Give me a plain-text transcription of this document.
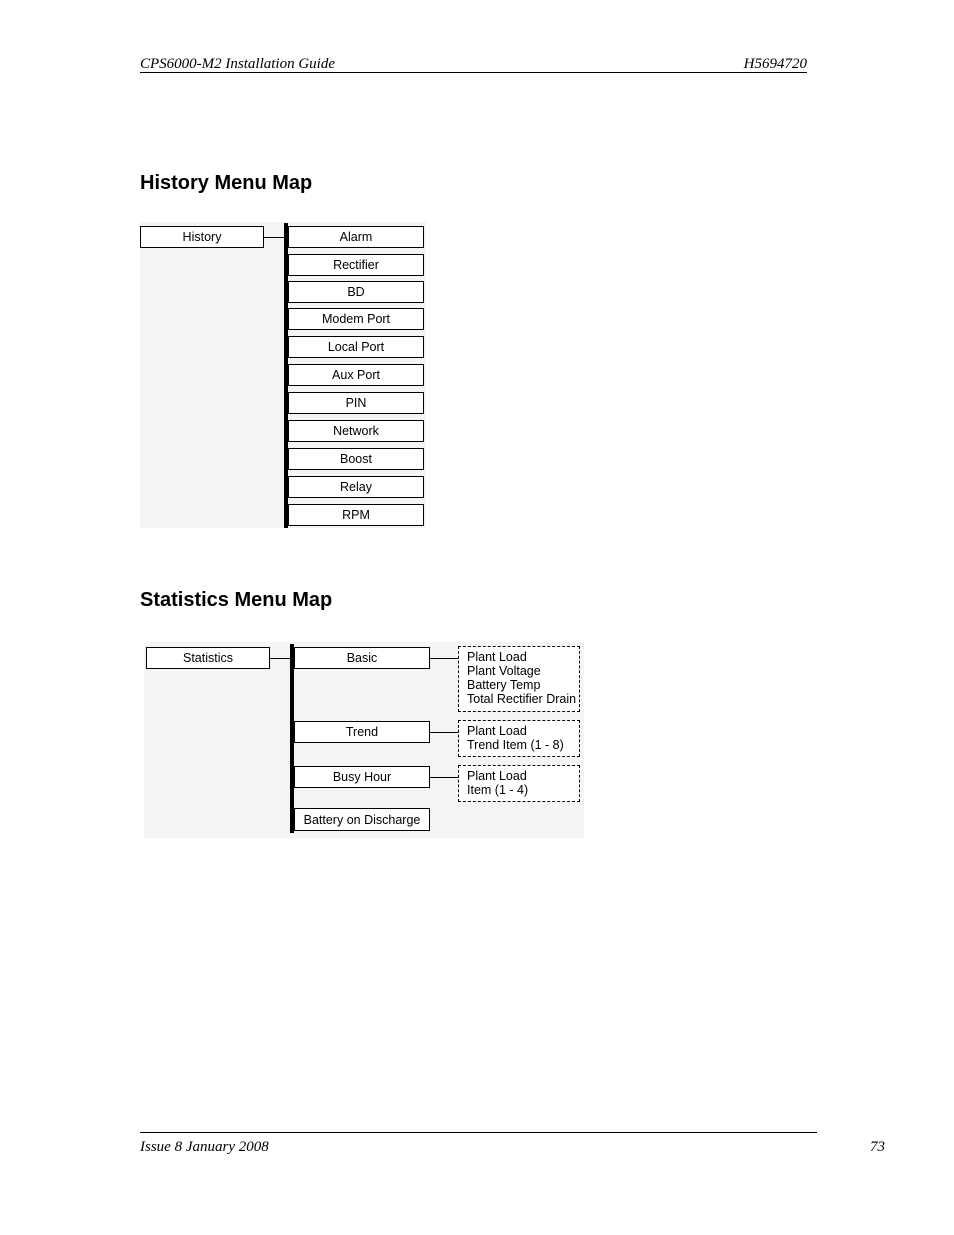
CPS6000-M2 Installation Guide	H5694720
History Menu Map
History	Alarm
Rectifier
BD
Modem Port
Local Port
Aux Port
PIN
Network
Boost
Relay
RPM
Statistics Menu Map
Statistics	Basic	Plant Load
Plant Voltage
Battery Temp
Total Rectifier Drain
Trend	Plant Load
Trend Item (1 - 8)
Busy Hour	Plant Load
Item (1 - 4)
Battery on Discharge
Issue 8 January 2008	73
